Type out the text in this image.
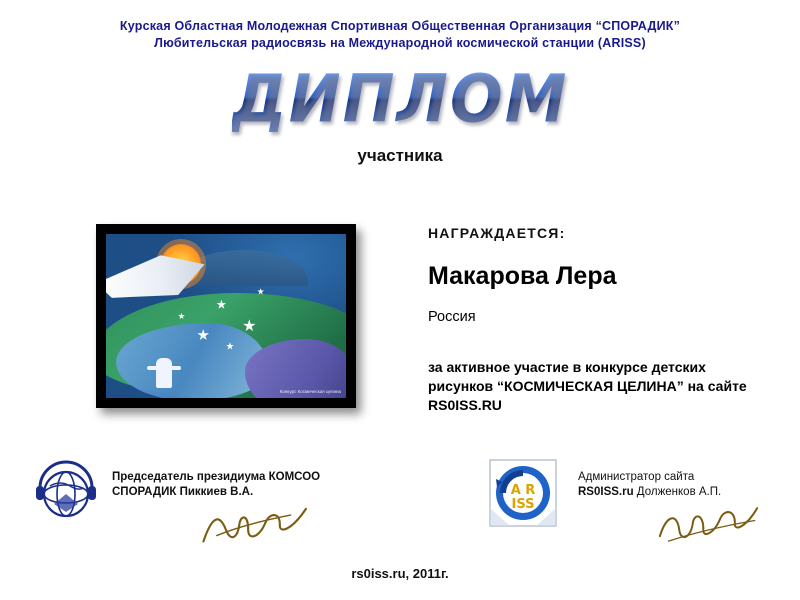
Курская Областная Молодежная Спортивная Общественная Организация “СПОРАДИК”
Любительская радиосвязь на Международной космической станции (ARISS)
ДИПЛОМ
участника
Конкурс Космическая целина
НАГРАЖДАЕТСЯ:
Макарова Лера
Россия
за активное участие в конкурсе детских рисунков “КОСМИЧЕСКАЯ ЦЕЛИНА” на сайте RS0ISS.RU
Председатель президиума КОМСОО
СПОРАДИК Пиккиев В.А.	A R
ISS
Администратор сайта
RS0ISS.ru Долженков А.П.
rs0iss.ru, 2011г.
